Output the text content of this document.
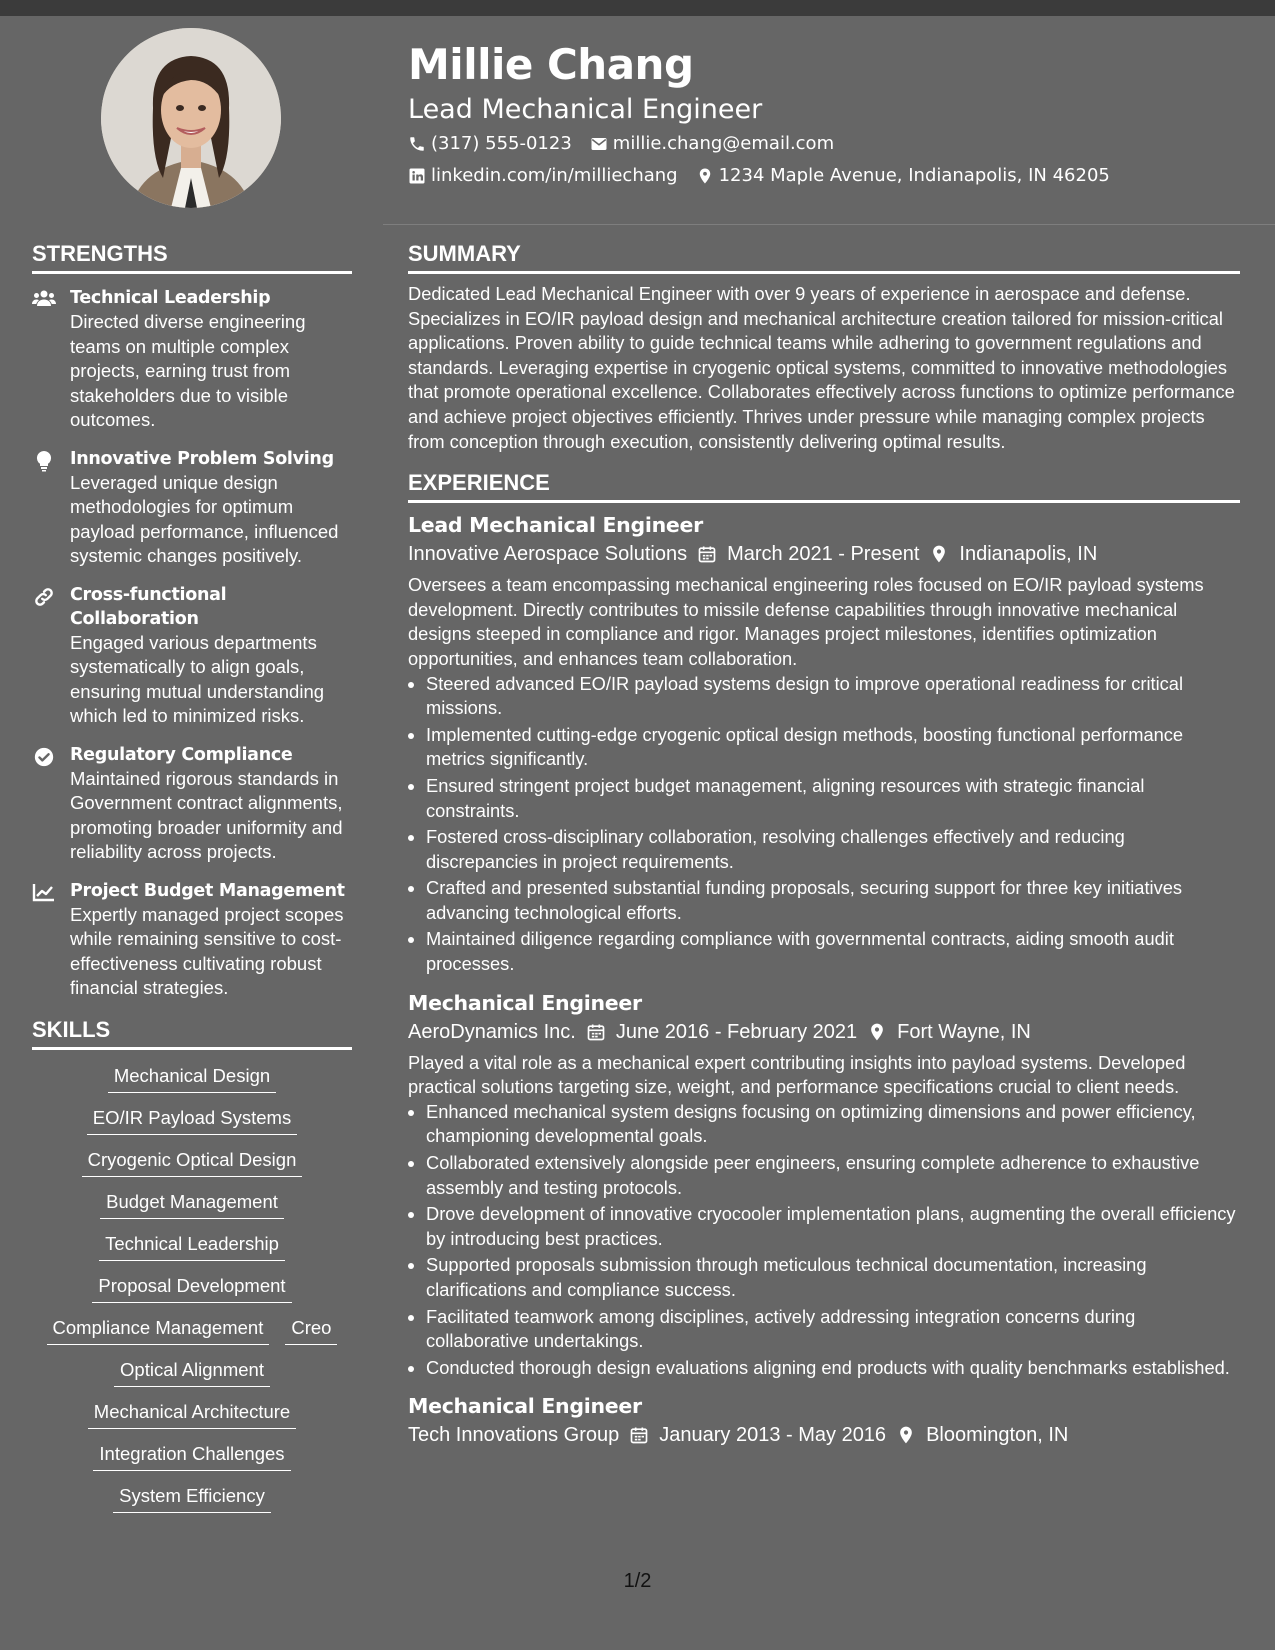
Millie Chang
Lead Mechanical Engineer
(317) 555-0123 millie.chang@email.com
linkedin.com/in/milliechang 1234 Maple Avenue, Indianapolis, IN 46205
STRENGTHS
Technical Leadership
Directed diverse engineering teams on multiple complex projects, earning trust from stakeholders due to visible outcomes.
Innovative Problem Solving
Leveraged unique design methodologies for optimum payload performance, influenced systemic changes positively.
Cross-functional Collaboration
Engaged various departments systematically to align goals, ensuring mutual understanding which led to minimized risks.
Regulatory Compliance
Maintained rigorous standards in Government contract alignments, promoting broader uniformity and reliability across projects.
Project Budget Management
Expertly managed project scopes while remaining sensitive to cost-effectiveness cultivating robust financial strategies.
SKILLS
Mechanical Design
EO/IR Payload Systems
Cryogenic Optical Design
Budget Management
Technical Leadership
Proposal Development
Compliance Management	Creo
Optical Alignment
Mechanical Architecture
Integration Challenges
System Efficiency
SUMMARY

Dedicated Lead Mechanical Engineer with over 9 years of experience in aerospace and defense. Specializes in EO/IR payload design and mechanical architecture creation tailored for mission-critical applications. Proven ability to guide technical teams while adhering to government regulations and standards. Leveraging expertise in cryogenic optical systems, committed to innovative methodologies that promote operational excellence. Collaborates effectively across functions to optimize performance and achieve project objectives efficiently. Thrives under pressure while managing complex projects from conception through execution, consistently delivering optimal results.

EXPERIENCE
Lead Mechanical Engineer
Innovative Aerospace Solutions March 2021 - Present Indianapolis, IN

Oversees a team encompassing mechanical engineering roles focused on EO/IR payload systems development. Directly contributes to missile defense capabilities through innovative mechanical designs steeped in compliance and rigor. Manages project milestones, identifies optimization opportunities, and enhances team collaboration.

• Steered advanced EO/IR payload systems design to improve operational readiness for critical missions.
• Implemented cutting-edge cryogenic optical design methods, boosting functional performance metrics significantly.
• Ensured stringent project budget management, aligning resources with strategic financial constraints.
• Fostered cross-disciplinary collaboration, resolving challenges effectively and reducing discrepancies in project requirements.
• Crafted and presented substantial funding proposals, securing support for three key initiatives advancing technological efforts.
• Maintained diligence regarding compliance with governmental contracts, aiding smooth audit processes.
Mechanical Engineer
AeroDynamics Inc. June 2016 - February 2021 Fort Wayne, IN

Played a vital role as a mechanical expert contributing insights into payload systems. Developed practical solutions targeting size, weight, and performance specifications crucial to client needs.

• Enhanced mechanical system designs focusing on optimizing dimensions and power efficiency, championing developmental goals.
• Collaborated extensively alongside peer engineers, ensuring complete adherence to exhaustive assembly and testing protocols.
• Drove development of innovative cryocooler implementation plans, augmenting the overall efficiency by introducing best practices.
• Supported proposals submission through meticulous technical documentation, increasing clarifications and compliance success.
• Facilitated teamwork among disciplines, actively addressing integration concerns during collaborative undertakings.
• Conducted thorough design evaluations aligning end products with quality benchmarks established.
Mechanical Engineer
Tech Innovations Group January 2013 - May 2016 Bloomington, IN
1/2
